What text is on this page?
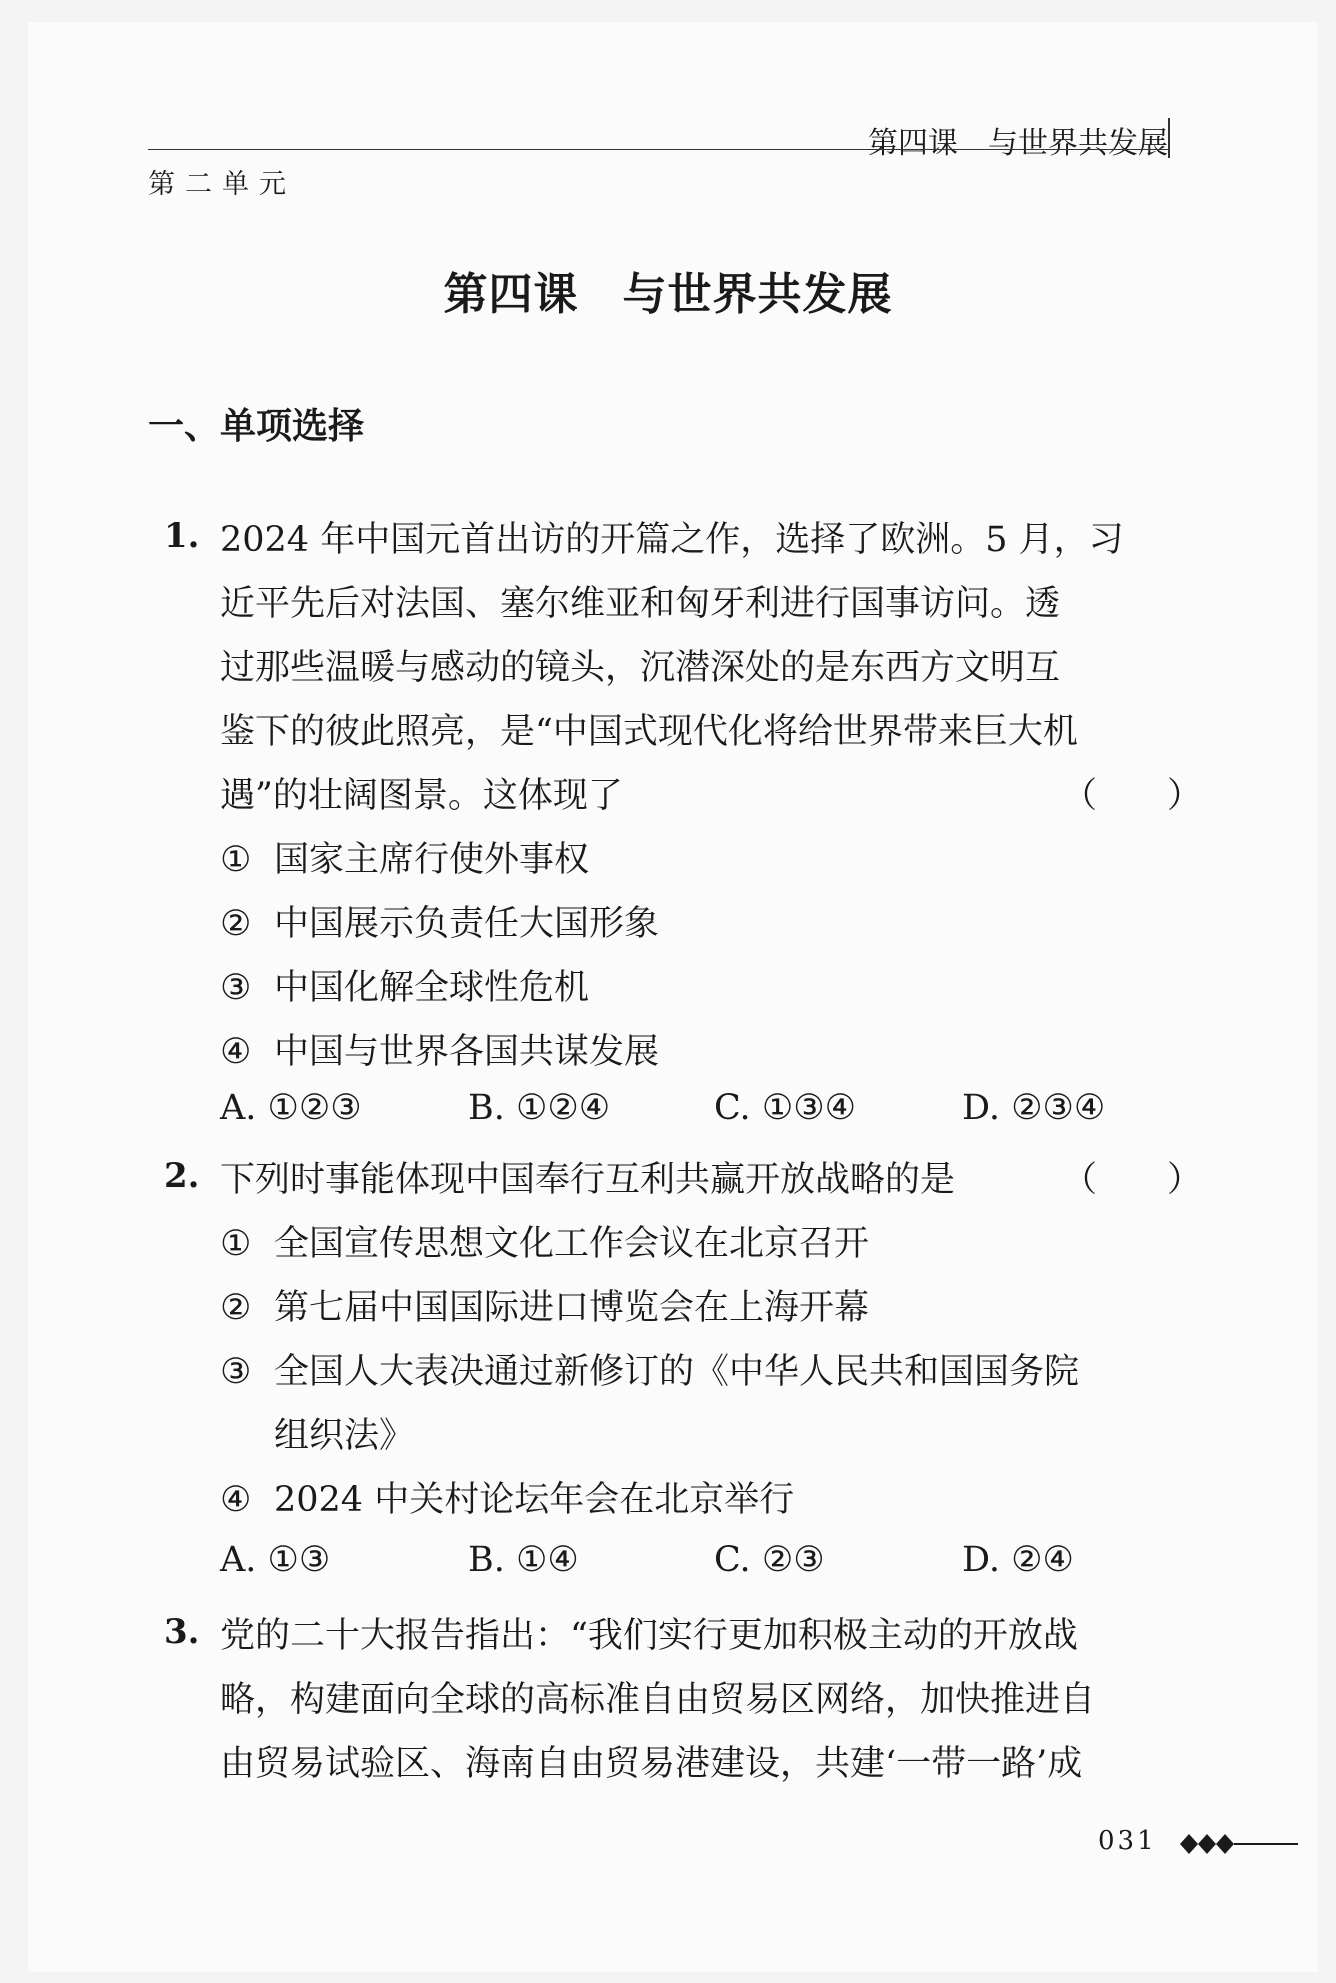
第四课　与世界共发展
第二单元
第四课 与世界共发展
一、单项选择
1. 2024 年中国元首出访的开篇之作，选择了欧洲。5 月，习
近平先后对法国、塞尔维亚和匈牙利进行国事访问。透
过那些温暖与感动的镜头，沉潜深处的是东西方文明互
鉴下的彼此照亮，是“中国式现代化将给世界带来巨大机
遇”的壮阔图景。这体现了	（　　）
① 国家主席行使外事权
② 中国展示负责任大国形象
③ 中国化解全球性危机
④ 中国与世界各国共谋发展
A. ①②③	B. ①②④	C. ①③④	D. ②③④
2. 下列时事能体现中国奉行互利共赢开放战略的是	（　　）
① 全国宣传思想文化工作会议在北京召开
② 第七届中国国际进口博览会在上海开幕
③ 全国人大表决通过新修订的《中华人民共和国国务院
组织法》
④ 2024 中关村论坛年会在北京举行
A. ①③	B. ①④	C. ②③	D. ②④
3. 党的二十大报告指出：“我们实行更加积极主动的开放战
略，构建面向全球的高标准自由贸易区网络，加快推进自
由贸易试验区、海南自由贸易港建设，共建‘一带一路’成
031
